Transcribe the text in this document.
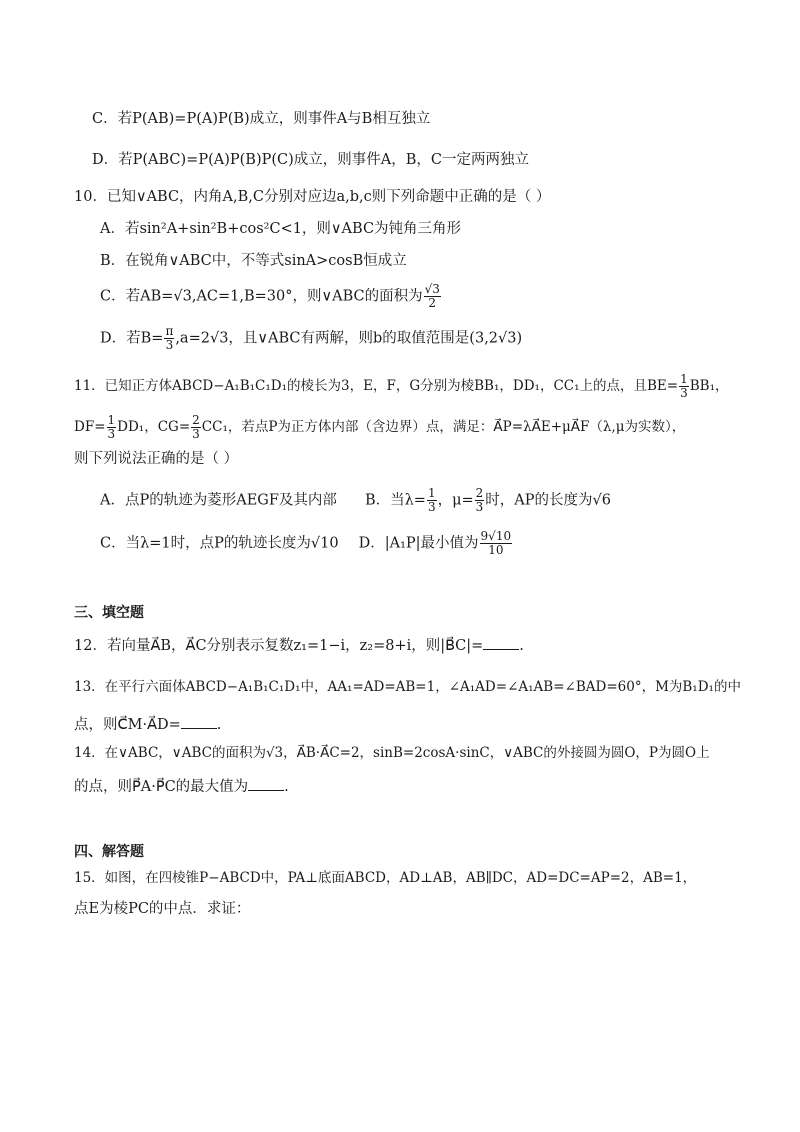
C．若P(AB)=P(A)P(B)成立，则事件A与B相互独立
D．若P(ABC)=P(A)P(B)P(C)成立，则事件A，B，C一定两两独立
10．已知∨ABC，内角A,B,C分别对应边a,b,c则下列命题中正确的是（ ）
A．若sin²A+sin²B+cos²C<1，则∨ABC为钝角三角形
B．在锐角∨ABC中，不等式sinA>cosB恒成立
C．若AB=√3,AC=1,B=30°，则∨ABC的面积为 $\frac{√3}{2}$
D．若$B= \frac{\pi}{3} ,a=2√3$，且∨ABC有两解，则b的取值范围是(3,2√3)
11．已知正方体ABCD−A₁B₁C₁D₁的棱长为3，E，F，G分别为棱BB₁，DD₁，CC₁上的点，且$BE= \frac{1}{3} BB_1$，
$DF= \frac{1}{3} DD_1$，$CG= \frac{2}{3} CC_1$，若点P为正方体内部（含边界）点，满足：A⃗P=λA⃗E+μA⃗F（λ,μ为实数），
则下列说法正确的是（ ）
A．点P的轨迹为菱形AEGF及其内部 B．当$\lambda= \frac{1}{3}$ ，$\mu= \frac{2}{3}$ 时，AP的长度为√6
C．当λ=1时，点P的轨迹长度为√10 D．|A₁P|最小值为 $\frac{9√10}{10}$
三、填空题
12．若向量A⃗B，A⃗C分别表示复数z₁=1−i，z₂=8+i，则|B⃗C|= .
13．在平行六面体ABCD−A₁B₁C₁D₁中，AA₁=AD=AB=1，∠A₁AD=∠A₁AB=∠BAD=60°，M为B₁D₁的中
点，则C⃗M·A⃗D= .
14．在∨ABC，∨ABC的面积为√3，A⃗B·A⃗C=2，sinB=2cosA·sinC，∨ABC的外接圆为圆O，P为圆O上
的点，则P⃗A·P⃗C的最大值为 .
四、解答题
15．如图，在四棱锥P−ABCD中，PA⊥底面ABCD，AD⊥AB，AB∥DC，AD=DC=AP=2，AB=1，
点E为棱PC的中点．求证：
